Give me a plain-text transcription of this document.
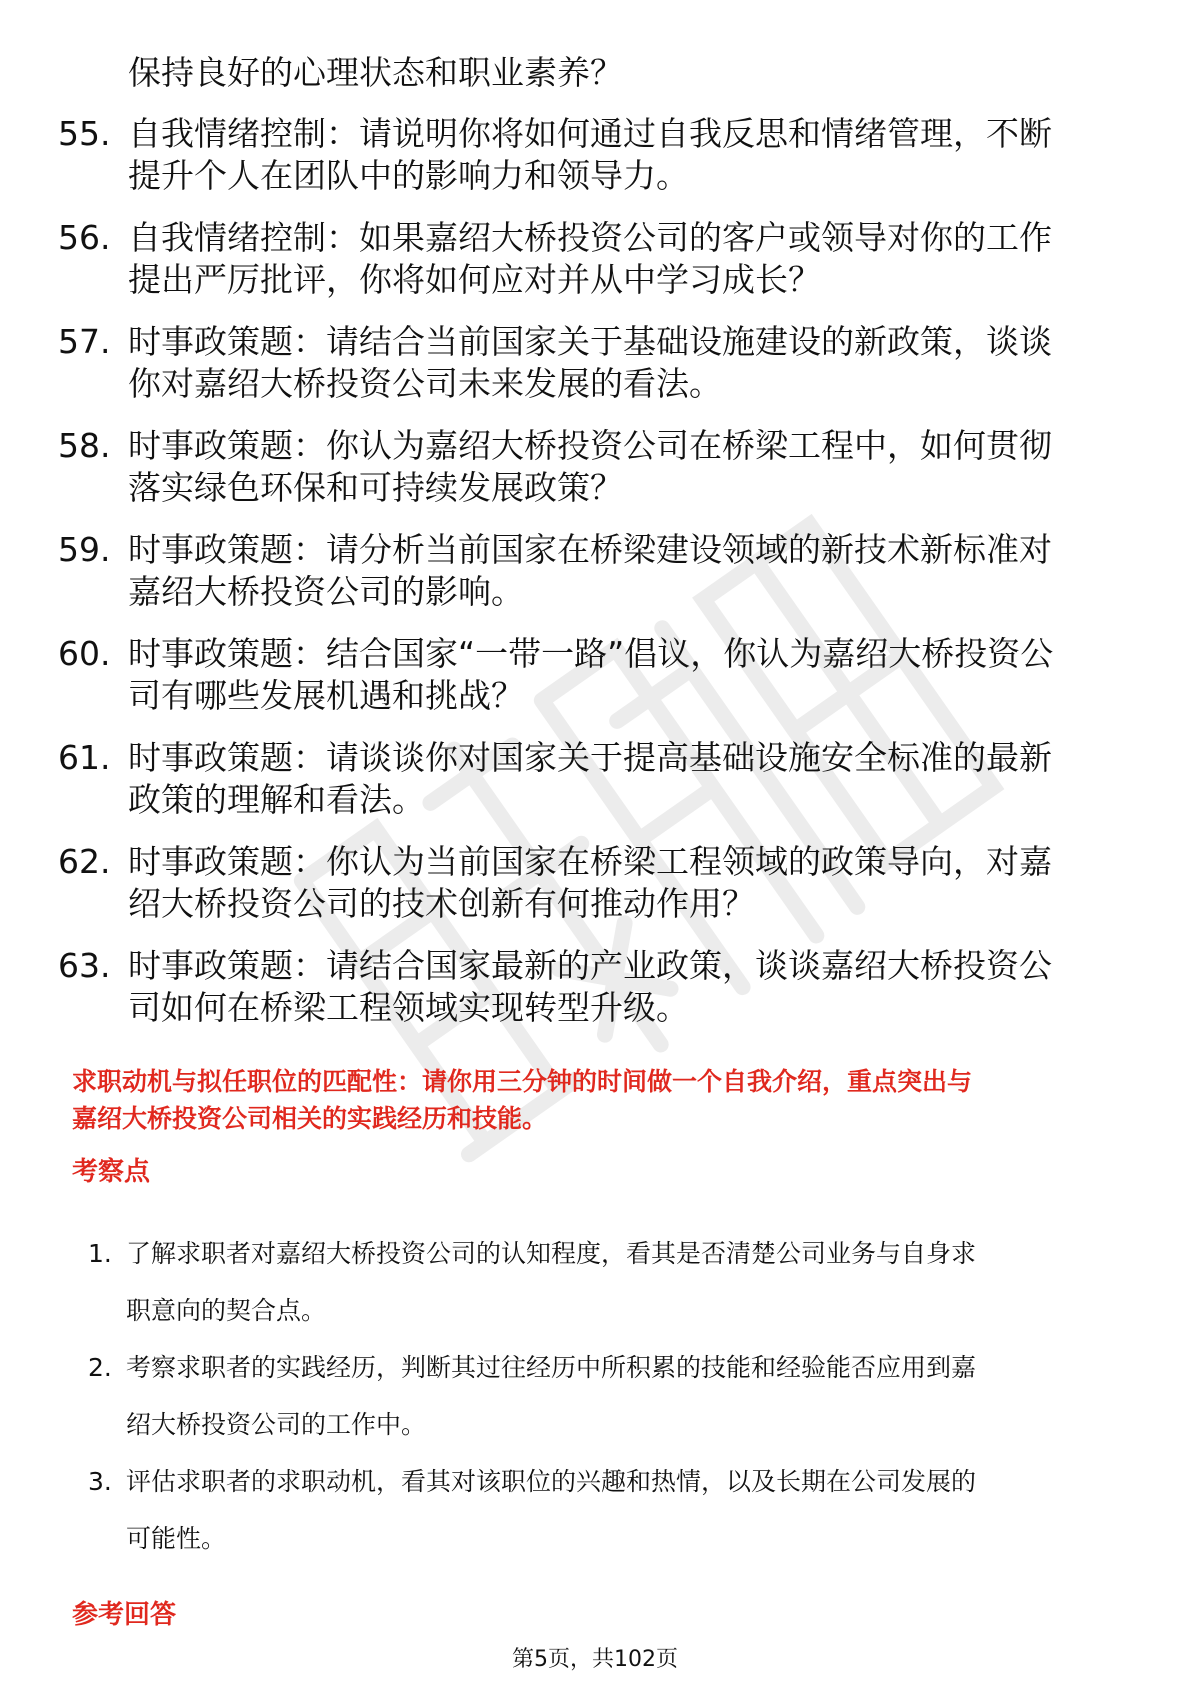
保持良好的心理状态和职业素养？
55. 自我情绪控制：请说明你将如何通过自我反思和情绪管理，不断
提升个人在团队中的影响力和领导力。
56. 自我情绪控制：如果嘉绍大桥投资公司的客户或领导对你的工作
提出严厉批评，你将如何应对并从中学习成长？
57. 时事政策题：请结合当前国家关于基础设施建设的新政策，谈谈
你对嘉绍大桥投资公司未来发展的看法。
58. 时事政策题：你认为嘉绍大桥投资公司在桥梁工程中，如何贯彻
落实绿色环保和可持续发展政策？
59. 时事政策题：请分析当前国家在桥梁建设领域的新技术新标准对
嘉绍大桥投资公司的影响。
60. 时事政策题：结合国家“一带一路”倡议，你认为嘉绍大桥投资公
司有哪些发展机遇和挑战？
61. 时事政策题：请谈谈你对国家关于提高基础设施安全标准的最新
政策的理解和看法。
62. 时事政策题：你认为当前国家在桥梁工程领域的政策导向，对嘉
绍大桥投资公司的技术创新有何推动作用？
63. 时事政策题：请结合国家最新的产业政策，谈谈嘉绍大桥投资公
司如何在桥梁工程领域实现转型升级。
求职动机与拟任职位的匹配性：请你用三分钟的时间做一个自我介绍，重点突出与
嘉绍大桥投资公司相关的实践经历和技能。
考察点
1. 了解求职者对嘉绍大桥投资公司的认知程度，看其是否清楚公司业务与自身求
职意向的契合点。
2. 考察求职者的实践经历，判断其过往经历中所积累的技能和经验能否应用到嘉
绍大桥投资公司的工作中。
3. 评估求职者的求职动机，看其对该职位的兴趣和热情，以及长期在公司发展的
可能性。
参考回答
第5页，共102页
